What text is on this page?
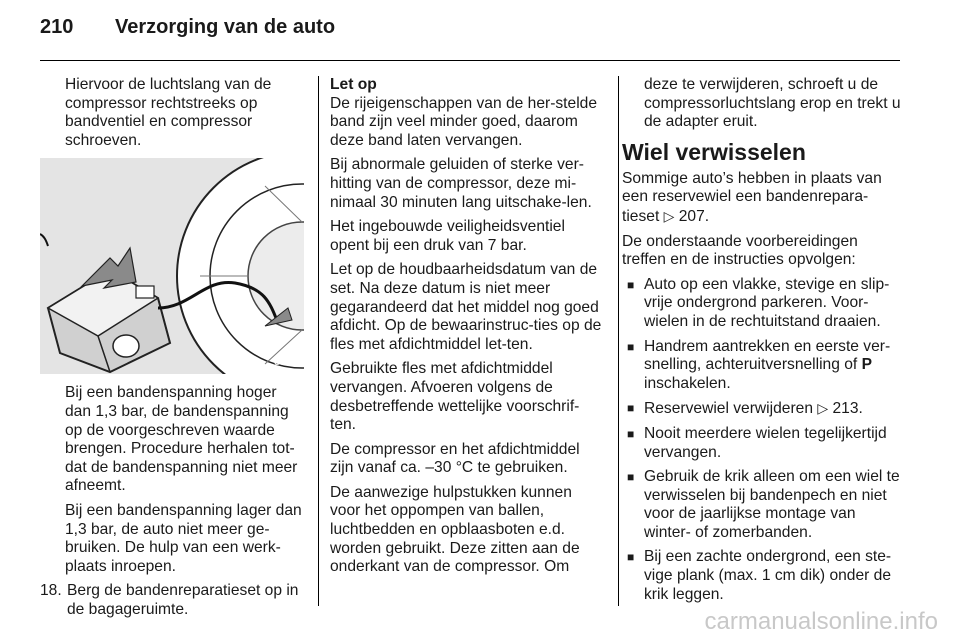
210 Verzorging van de auto

Hiervoor de luchtslang van de compressor rechtstreeks op bandventiel en compressor schroeven.

30062

Bij een bandenspanning hoger dan 1,3 bar, de bandenspanning op de voorgeschreven waarde brengen. Procedure herhalen tot-dat de bandenspanning niet meer afneemt.

Bij een bandenspanning lager dan 1,3 bar, de auto niet meer ge-bruiken. De hulp van een werk-plaats inroepen.

18. Berg de bandenreparatieset op in de bagageruimte.

Let op
De rijeigenschappen van de her-stelde band zijn veel minder goed, daarom deze band laten vervangen.

Bij abnormale geluiden of sterke ver-hitting van de compressor, deze mi-nimaal 30 minuten lang uitschake-len.

Het ingebouwde veiligheidsventiel opent bij een druk van 7 bar.

Let op de houdbaarheidsdatum van de set. Na deze datum is niet meer gegarandeerd dat het middel nog goed afdicht. Op de bewaarinstruc-ties op de fles met afdichtmiddel let-ten.

Gebruikte fles met afdichtmiddel vervangen. Afvoeren volgens de desbetreffende wettelijke voorschrif-ten.

De compressor en het afdichtmiddel zijn vanaf ca. –30 °C te gebruiken.

De aanwezige hulpstukken kunnen voor het oppompen van ballen, luchtbedden en opblaasboten e.d. worden gebruikt. Deze zitten aan de onderkant van de compressor. Om

deze te verwijderen, schroeft u de compressorluchtslang erop en trekt u de adapter eruit.

Wiel verwisselen

Sommige auto’s hebben in plaats van een reservewiel een bandenrepara-tieset ▷ 207.

De onderstaande voorbereidingen treffen en de instructies opvolgen:

■ Auto op een vlakke, stevige en slip-vrije ondergrond parkeren. Voor-wielen in de rechtuitstand draaien.
■ Handrem aantrekken en eerste ver-snelling, achteruitversnelling of P inschakelen.
■ Reservewiel verwijderen ▷ 213.
■ Nooit meerdere wielen tegelijkertijd vervangen.
■ Gebruik de krik alleen om een wiel te verwisselen bij bandenpech en niet voor de jaarlijkse montage van winter- of zomerbanden.
■ Bij een zachte ondergrond, een ste-vige plank (max. 1 cm dik) onder de krik leggen.
carmanualsonline.info
